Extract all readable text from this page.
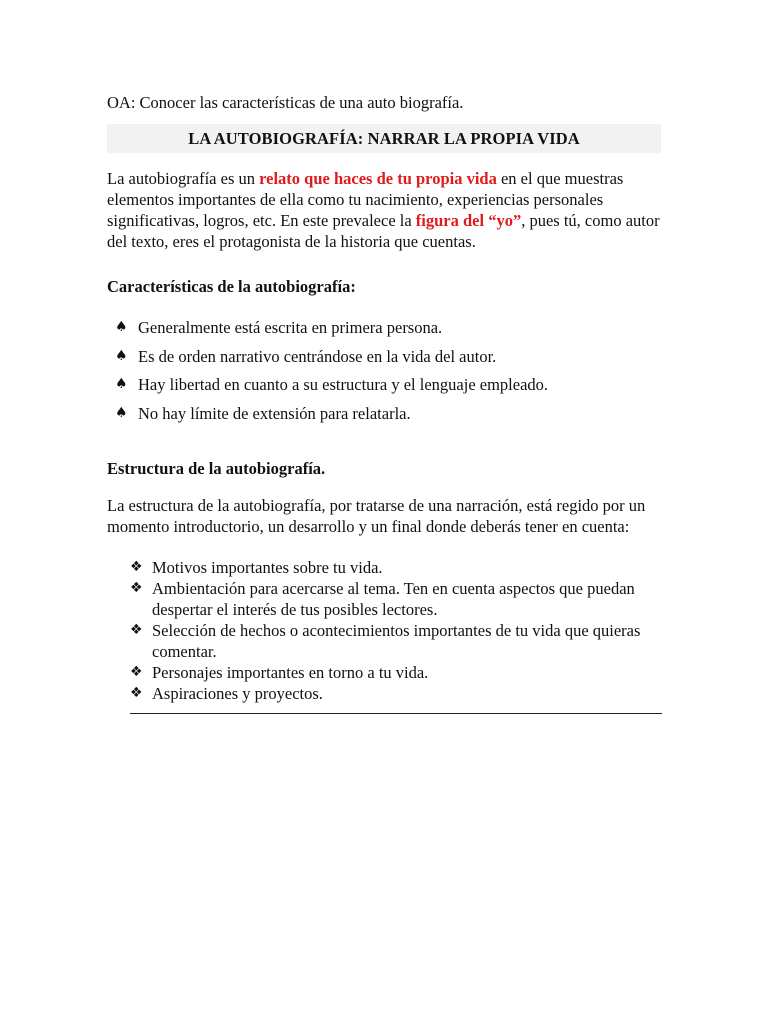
OA: Conocer las características de una auto biografía.
LA AUTOBIOGRAFÍA: NARRAR LA PROPIA VIDA
La autobiografía es un relato que haces de tu propia vida en el que muestras elementos importantes de ella como tu nacimiento, experiencias personales significativas, logros, etc. En este prevalece la figura del “yo”, pues tú, como autor del texto, eres el protagonista de la historia que cuentas.
Características de la autobiografía:
♠ Generalmente está escrita en primera persona.
♠ Es de orden narrativo centrándose en la vida del autor.
♠ Hay libertad en cuanto a su estructura y el lenguaje empleado.
♠ No hay límite de extensión para relatarla.
Estructura de la autobiografía.
La estructura de la autobiografía, por tratarse de una narración, está regido por un momento introductorio, un desarrollo y un final donde deberás tener en cuenta:
❖ Motivos importantes sobre tu vida.
❖ Ambientación para acercarse al tema. Ten en cuenta aspectos que puedan despertar el interés de tus posibles lectores.
❖ Selección de hechos o acontecimientos importantes de tu vida que quieras comentar.
❖ Personajes importantes en torno a tu vida.
❖ Aspiraciones y proyectos.
